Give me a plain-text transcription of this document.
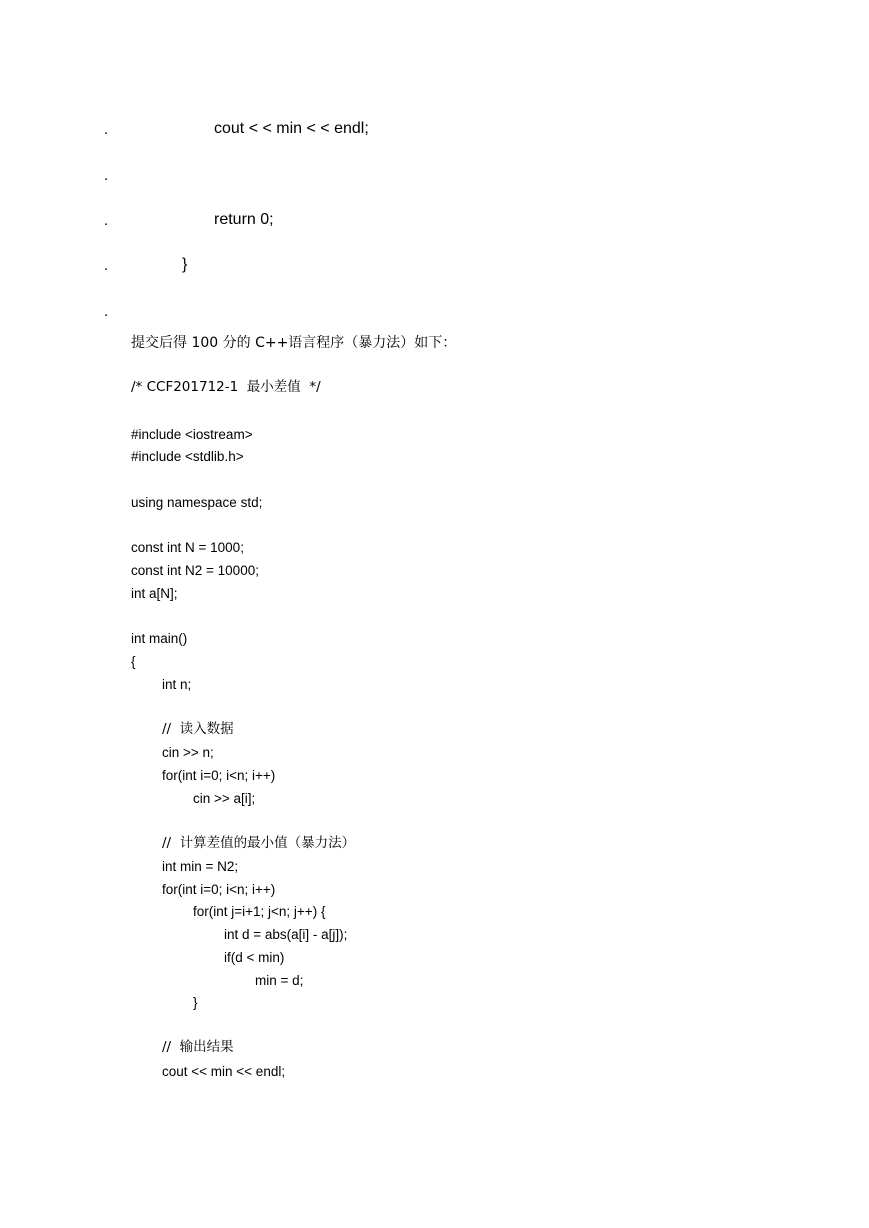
.	cout < < min < < endl;
.
.	return 0;
.	}
.
提交后得 100 分的 C++语言程序（暴力法）如下：
/* CCF201712-1  最小差值  */
#include <iostream>
#include <stdlib.h>
using namespace std;
const int N = 1000;
const int N2 = 10000;
int a[N];
int main()
{
int n;
//  读入数据
cin >> n;
for(int i=0; i<n; i++)
cin >> a[i];
//  计算差值的最小值（暴力法）
int min = N2;
for(int i=0; i<n; i++)
for(int j=i+1; j<n; j++) {
int d = abs(a[i] - a[j]);
if(d < min)
min = d;
}
//  输出结果
cout << min << endl;
